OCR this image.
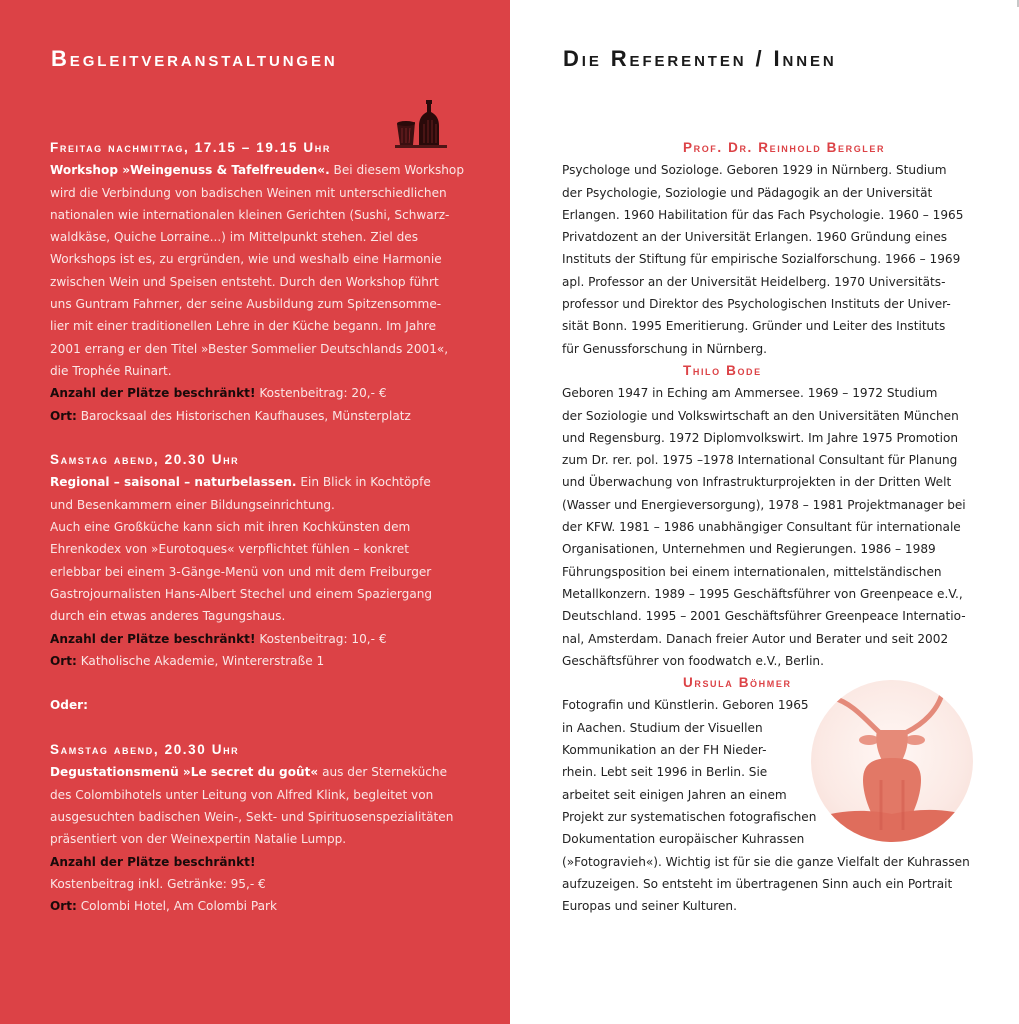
Begleitveranstaltungen
Freitag nachmittag, 17.15 – 19.15 Uhr
Workshop »Weingenuss & Tafelfreuden«. Bei diesem Workshop
wird die Verbindung von badischen Weinen mit unterschiedlichen
nationalen wie internationalen kleinen Gerichten (Sushi, Schwarz-
waldkäse, Quiche Lorraine...) im Mittelpunkt stehen. Ziel des
Workshops ist es, zu ergründen, wie und weshalb eine Harmonie
zwischen Wein und Speisen entsteht. Durch den Workshop führt
uns Guntram Fahrner, der seine Ausbildung zum Spitzensomme-
lier mit einer traditionellen Lehre in der Küche begann. Im Jahre
2001 errang er den Titel »Bester Sommelier Deutschlands 2001«,
die Trophée Ruinart.
Anzahl der Plätze beschränkt! Kostenbeitrag: 20,- €
Ort: Barocksaal des Historischen Kaufhauses, Münsterplatz
Samstag abend, 20.30 Uhr
Regional – saisonal – naturbelassen. Ein Blick in Kochtöpfe
und Besenkammern einer Bildungseinrichtung.
Auch eine Großküche kann sich mit ihren Kochkünsten dem
Ehrenkodex von »Eurotoques« verpflichtet fühlen – konkret
erlebbar bei einem 3-Gänge-Menü von und mit dem Freiburger
Gastrojournalisten Hans-Albert Stechel und einem Spaziergang
durch ein etwas anderes Tagungshaus.
Anzahl der Plätze beschränkt! Kostenbeitrag: 10,- €
Ort: Katholische Akademie, Wintererstraße 1
Oder:
Samstag abend, 20.30 Uhr
Degustationsmenü »Le secret du goût« aus der Sterneküche
des Colombihotels unter Leitung von Alfred Klink, begleitet von
ausgesuchten badischen Wein-, Sekt- und Spirituosenspezialitäten
präsentiert von der Weinexpertin Natalie Lumpp.
Anzahl der Plätze beschränkt!
Kostenbeitrag inkl. Getränke: 95,- €
Ort: Colombi Hotel, Am Colombi Park
Die Referenten / Innen
Prof. Dr. Reinhold Bergler
Psychologe und Soziologe. Geboren 1929 in Nürnberg. Studium
der Psychologie, Soziologie und Pädagogik an der Universität
Erlangen. 1960 Habilitation für das Fach Psychologie. 1960 – 1965
Privatdozent an der Universität Erlangen. 1960 Gründung eines
Instituts der Stiftung für empirische Sozialforschung. 1966 – 1969
apl. Professor an der Universität Heidelberg. 1970 Universitäts-
professor und Direktor des Psychologischen Instituts der Univer-
sität Bonn. 1995 Emeritierung. Gründer und Leiter des Instituts
für Genussforschung in Nürnberg.
Thilo Bode
Geboren 1947 in Eching am Ammersee. 1969 – 1972 Studium
der Soziologie und Volkswirtschaft an den Universitäten München
und Regensburg. 1972 Diplomvolkswirt. Im Jahre 1975 Promotion
zum Dr. rer. pol. 1975 –1978 International Consultant für Planung
und Überwachung von Infrastrukturprojekten in der Dritten Welt
(Wasser und Energieversorgung), 1978 – 1981 Projektmanager bei
der KFW. 1981 – 1986 unabhängiger Consultant für internationale
Organisationen, Unternehmen und Regierungen. 1986 – 1989
Führungsposition bei einem internationalen, mittelständischen
Metallkonzern. 1989 – 1995 Geschäftsführer von Greenpeace e.V.,
Deutschland. 1995 – 2001 Geschäftsführer Greenpeace Internatio-
nal, Amsterdam. Danach freier Autor und Berater und seit 2002
Geschäftsführer von foodwatch e.V., Berlin.
Ursula Böhmer
Fotografin und Künstlerin. Geboren 1965
in Aachen. Studium der Visuellen
Kommunikation an der FH Nieder-
rhein. Lebt seit 1996 in Berlin. Sie
arbeitet seit einigen Jahren an einem
Projekt zur systematischen fotografischen
Dokumentation europäischer Kuhrassen
(»Fotogravieh«). Wichtig ist für sie die ganze Vielfalt der Kuhrassen
aufzuzeigen. So entsteht im übertragenen Sinn auch ein Portrait
Europas und seiner Kulturen.
